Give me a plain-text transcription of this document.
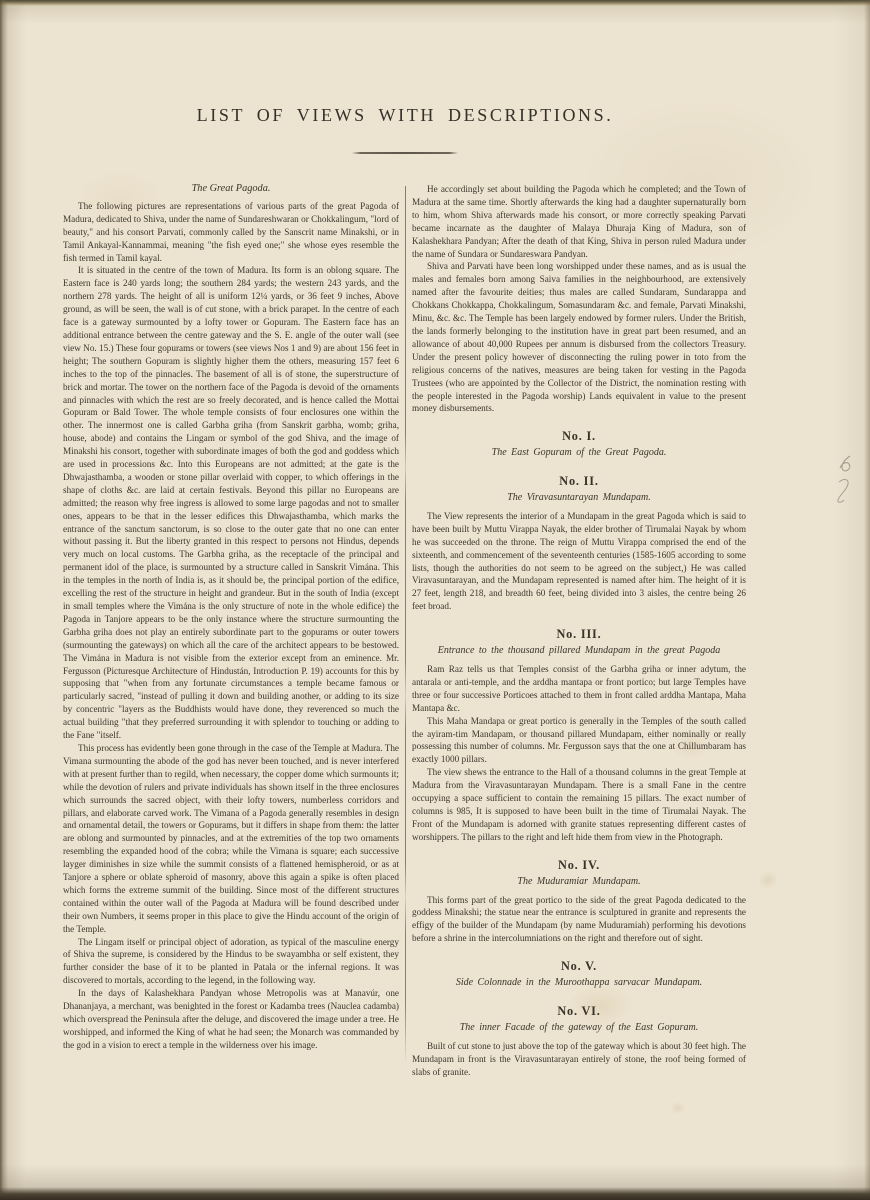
LIST OF VIEWS WITH DESCRIPTIONS.
The Great Pagoda.

The following pictures are representations of various parts of the great Pagoda of Madura, dedicated to Shiva, under the name of Sundareshwaran or Chokkalingum, "lord of beauty," and his consort Parvati, commonly called by the Sanscrit name Minakshi, or in Tamil Ankayal-Kannammai, meaning "the fish eyed one;" she whose eyes resemble the fish termed in Tamil kayal.

It is situated in the centre of the town of Madura. Its form is an oblong square. The Eastern face is 240 yards long; the southern 284 yards; the western 243 yards, and the northern 278 yards. The height of all is uniform 12¼ yards, or 36 feet 9 inches, Above ground, as will be seen, the wall is of cut stone, with a brick parapet. In the centre of each face is a gateway surmounted by a lofty tower or Gopuram. The Eastern face has an additional entrance between the centre gateway and the S. E. angle of the outer wall (see view No. 15.) These four gopurams or towers (see views Nos 1 and 9) are about 156 feet in height; The southern Gopuram is slightly higher them the others, measuring 157 feet 6 inches to the top of the pinnacles. The basement of all is of stone, the superstructure of brick and mortar. The tower on the northern face of the Pagoda is devoid of the ornaments and pinnacles with which the rest are so freely decorated, and is hence called the Mottai Gopuram or Bald Tower. The whole temple consists of four enclosures one within the other. The innermost one is called Garbha griha (from Sanskrit garbha, womb; griha, house, abode) and contains the Lingam or symbol of the god Shiva, and the image of Minakshi his consort, together with subordinate images of both the god and goddess which are used in processions &c. Into this Europeans are not admitted; at the gate is the Dhwajasthamba, a wooden or stone pillar overlaid with copper, to which offerings in the shape of cloths &c. are laid at certain festivals. Beyond this pillar no Europeans are admitted; the reason why free ingress is allowed to some large pagodas and not to smaller ones, appears to be that in the lesser edifices this Dhwajasthamba, which marks the entrance of the sanctum sanctorum, is so close to the outer gate that no one can enter without passing it. But the liberty granted in this respect to persons not Hindus, depends very much on local customs. The Garbha griha, as the receptacle of the principal and permanent idol of the place, is surmounted by a structure called in Sanskrit Vimána. This in the temples in the north of India is, as it should be, the principal portion of the edifice, excelling the rest of the structure in height and grandeur. But in the south of India (except in small temples where the Vimána is the only structure of note in the whole edifice) the Pagoda in Tanjore appears to be the only instance where the structure surmounting the Garbha griha does not play an entirely subordinate part to the gopurams or outer towers (surmounting the gateways) on which all the care of the architect appears to be bestowed. The Vimána in Madura is not visible from the exterior except from an eminence. Mr. Fergusson (Picturesque Architecture of Hindustán, Introduction P. 19) accounts for this by supposing that "when from any fortunate circumstances a temple became famous or particularly sacred, "instead of pulling it down and building another, or adding to its size by concentric "layers as the Buddhists would have done, they reverenced so much the actual building "that they preferred surrounding it with splendor to touching or adding to the Fane "itself.

This process has evidently been gone through in the case of the Temple at Madura. The Vimana surmounting the abode of the god has never been touched, and is never interfered with at present further than to regild, when necessary, the copper dome which surmounts it; while the devotion of rulers and private individuals has shown itself in the three enclosures which surrounds the sacred object, with their lofty towers, numberless corridors and pillars, and elaborate carved work. The Vimana of a Pagoda generally resembles in design and ornamental detail, the towers or Gopurams, but it differs in shape from them: the latter are oblong and surmounted by pinnacles, and at the extremities of the top two ornaments resembling the expanded hood of the cobra; while the Vimana is square; each successive layger diminishes in size while the summit consists of a flattened hemispheroid, or as at Tanjore a sphere or oblate spheroid of masonry, above this again a spike is often placed which forms the extreme summit of the building. Since most of the different structures contained within the outer wall of the Pagoda at Madura will be found described under their own Numbers, it seems proper in this place to give the Hindu account of the origin of the Temple.

The Lingam itself or principal object of adoration, as typical of the masculine energy of Shiva the supreme, is considered by the Hindus to be swayambha or self existent, they further consider the base of it to be planted in Patala or the infernal regions. It was discovered to mortals, according to the legend, in the following way.

In the days of Kalashekhara Pandyan whose Metropolis was at Manavúr, one Dhananjaya, a merchant, was benighted in the forest or Kadamba trees (Nauclea cadamba) which overspread the Peninsula after the deluge, and discovered the image under a tree. He worshipped, and informed the King of what he had seen; the Monarch was commanded by the god in a vision to erect a temple in the wilderness over his image.

He accordingly set about building the Pagoda which he completed; and the Town of Madura at the same time. Shortly afterwards the king had a daughter supernaturally born to him, whom Shiva afterwards made his consort, or more correctly speaking Parvati became incarnate as the daughter of Malaya Dhuraja King of Madura, son of Kalashekhara Pandyan; After the death of that King, Shiva in person ruled Madura under the name of Sundara or Sundareswara Pandyan.

Shiva and Parvati have been long worshipped under these names, and as is usual the males and females born among Saiva families in the neighbourhood, are extensively named after the favourite deities; thus males are called Sundaram, Sundarappa and Chokkans Chokkappa, Chokkalingum, Somasundaram &c. and female, Parvati Minakshi, Minu, &c. &c. The Temple has been largely endowed by former rulers. Under the British, the lands formerly belonging to the institution have in great part been resumed, and an allowance of about 40,000 Rupees per annum is disbursed from the collectors Treasury. Under the present policy however of disconnecting the ruling power in toto from the religious concerns of the natives, measures are being taken for vesting in the Pagoda Trustees (who are appointed by the Collector of the District, the nomination resting with the people interested in the Pagoda worship) Lands equivalent in value to the present money disbursements.

No. I.
The East Gopuram of the Great Pagoda.
No. II.
The Viravasuntarayan Mundapam.

The View represents the interior of a Mundapam in the great Pagoda which is said to have been built by Muttu Virappa Nayak, the elder brother of Tirumalai Nayak by whom he was succeeded on the throne. The reign of Muttu Virappa comprised the end of the sixteenth, and commencement of the seventeenth centuries (1585-1605 according to some lists, though the authorities do not seem to be agreed on the subject,) He was called Viravasuntarayan, and the Mundapam represented is named after him. The height of it is 27 feet, length 218, and breadth 60 feet, being divided into 3 aisles, the centre being 26 feet broad.

No. III.
Entrance to the thousand pillared Mundapam in the great Pagoda

Ram Raz tells us that Temples consist of the Garbha griha or inner adytum, the antarala or anti-temple, and the arddha mantapa or front portico; but large Temples have three or four successive Porticoes attached to them in front called arddha Mantapa, Maha Mantapa &c.

This Maha Mandapa or great portico is generally in the Temples of the south called the ayiram-tim Mandapam, or thousand pillared Mundapam, either nominally or really possessing this number of columns. Mr. Fergusson says that the one at Chillumbaram has exactly 1000 pillars.

The view shews the entrance to the Hall of a thousand columns in the great Temple at Madura from the Viravasuntarayan Mundapam. There is a small Fane in the centre occupying a space sufficient to contain the remaining 15 pillars. The exact number of columns is 985, It is supposed to have been built in the time of Tirumalai Nayak. The Front of the Mundapam is adorned with granite statues representing different castes of worshippers. The pillars to the right and left hide them from view in the Photograph.

No. IV.
The Muduramiar Mundapam.

This forms part of the great portico to the side of the great Pagoda dedicated to the goddess Minakshi; the statue near the entrance is sculptured in granite and represents the effigy of the builder of the Mundapam (by name Muduramiah) performing his devotions before a shrine in the intercolumniations on the right and therefore out of sight.

No. V.
Side Colonnade in the Muroothappa sarvacar Mundapam.
No. VI.
The inner Facade of the gateway of the East Gopuram.

Built of cut stone to just above the top of the gateway which is about 30 feet high. The Mundapam in front is the Viravasuntarayan entirely of stone, the roof being formed of slabs of granite.
